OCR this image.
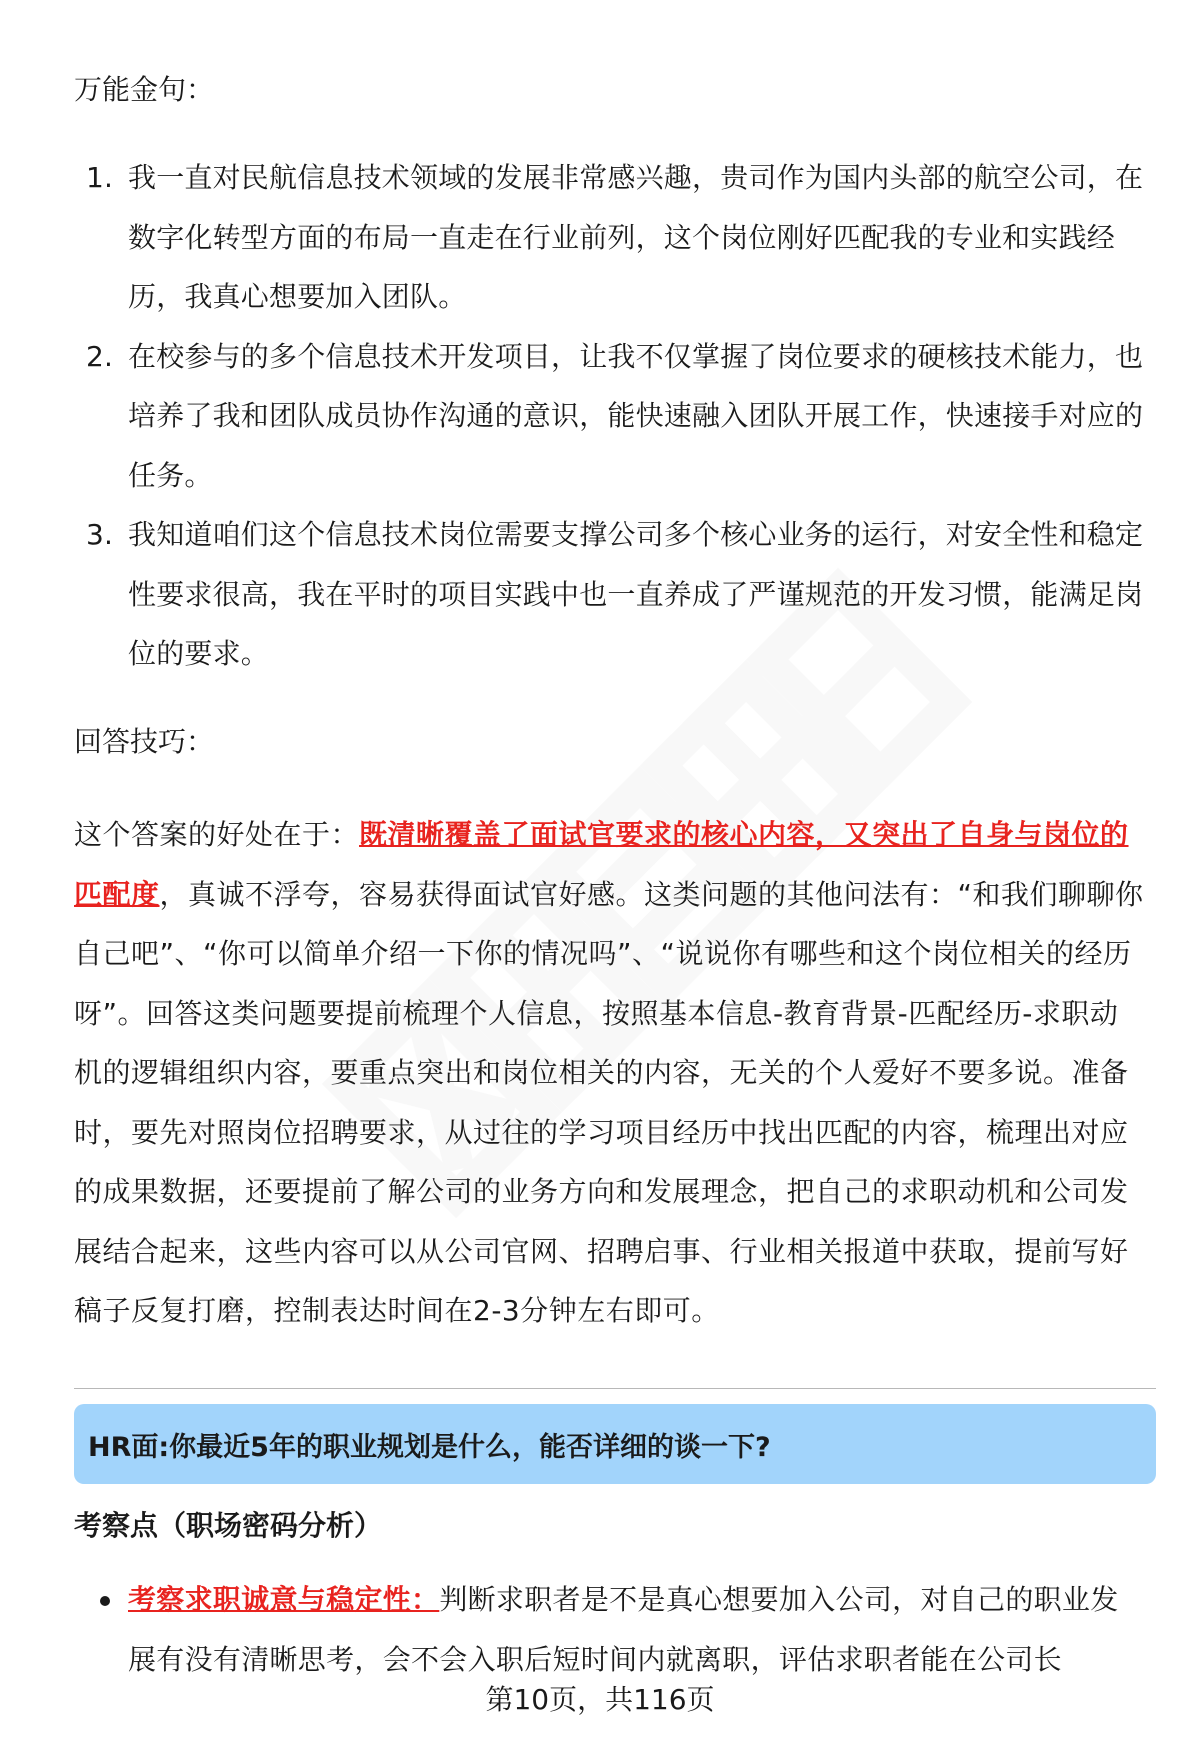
万能金句：
1. 我一直对民航信息技术领域的发展非常感兴趣，贵司作为国内头部的航空公司，在数字化转型方面的布局一直走在行业前列，这个岗位刚好匹配我的专业和实践经历，我真心想要加入团队。
2. 在校参与的多个信息技术开发项目，让我不仅掌握了岗位要求的硬核技术能力，也培养了我和团队成员协作沟通的意识，能快速融入团队开展工作，快速接手对应的任务。
3. 我知道咱们这个信息技术岗位需要支撑公司多个核心业务的运行，对安全性和稳定性要求很高，我在平时的项目实践中也一直养成了严谨规范的开发习惯，能满足岗位的要求。
回答技巧：

这个答案的好处在于：既清晰覆盖了面试官要求的核心内容，又突出了自身与岗位的匹配度，真诚不浮夸，容易获得面试官好感。这类问题的其他问法有：“和我们聊聊你自己吧”、“你可以简单介绍一下你的情况吗”、“说说你有哪些和这个岗位相关的经历呀”。回答这类问题要提前梳理个人信息，按照基本信息-教育背景-匹配经历-求职动机的逻辑组织内容，要重点突出和岗位相关的内容，无关的个人爱好不要多说。准备时，要先对照岗位招聘要求，从过往的学习项目经历中找出匹配的内容，梳理出对应的成果数据，还要提前了解公司的业务方向和发展理念，把自己的求职动机和公司发展结合起来，这些内容可以从公司官网、招聘启事、行业相关报道中获取，提前写好稿子反复打磨，控制表达时间在2-3分钟左右即可。

HR面:你最近5年的职业规划是什么，能否详细的谈一下?
考察点（职场密码分析）
考察求职诚意与稳定性：判断求职者是不是真心想要加入公司，对自己的职业发展有没有清晰思考，会不会入职后短时间内就离职，评估求职者能在公司长
第10页，共116页
